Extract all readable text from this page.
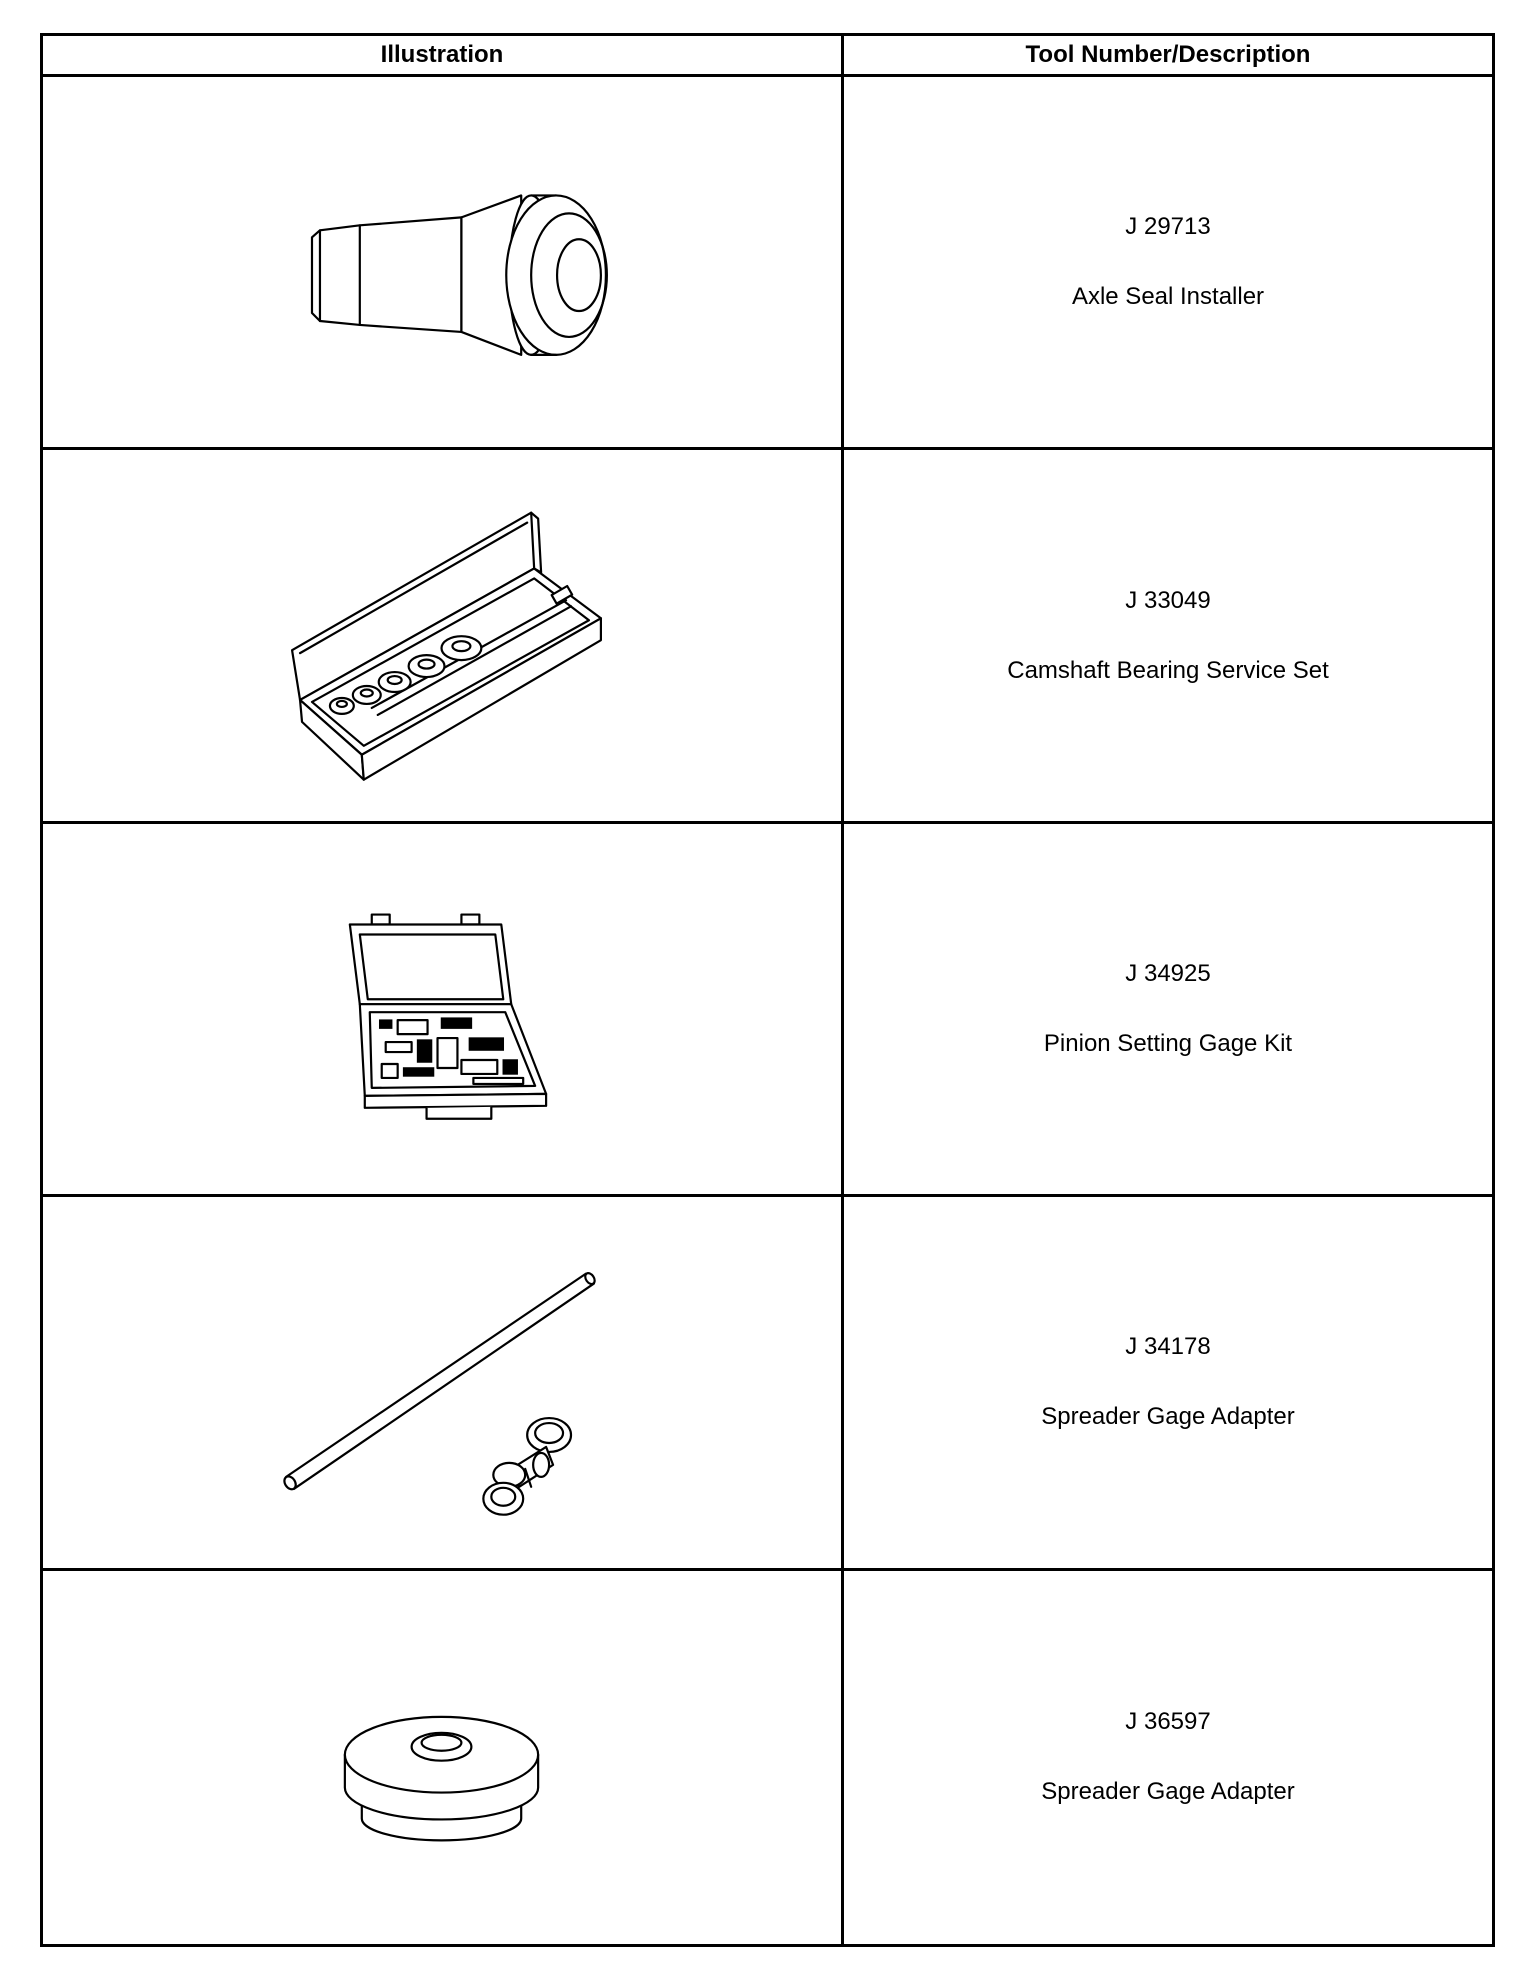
Illustration	Tool Number/Description
J 29713
Axle Seal Installer
J 33049
Camshaft Bearing Service Set
J 34925
Pinion Setting Gage Kit
J 34178
Spreader Gage Adapter
J 36597
Spreader Gage Adapter
